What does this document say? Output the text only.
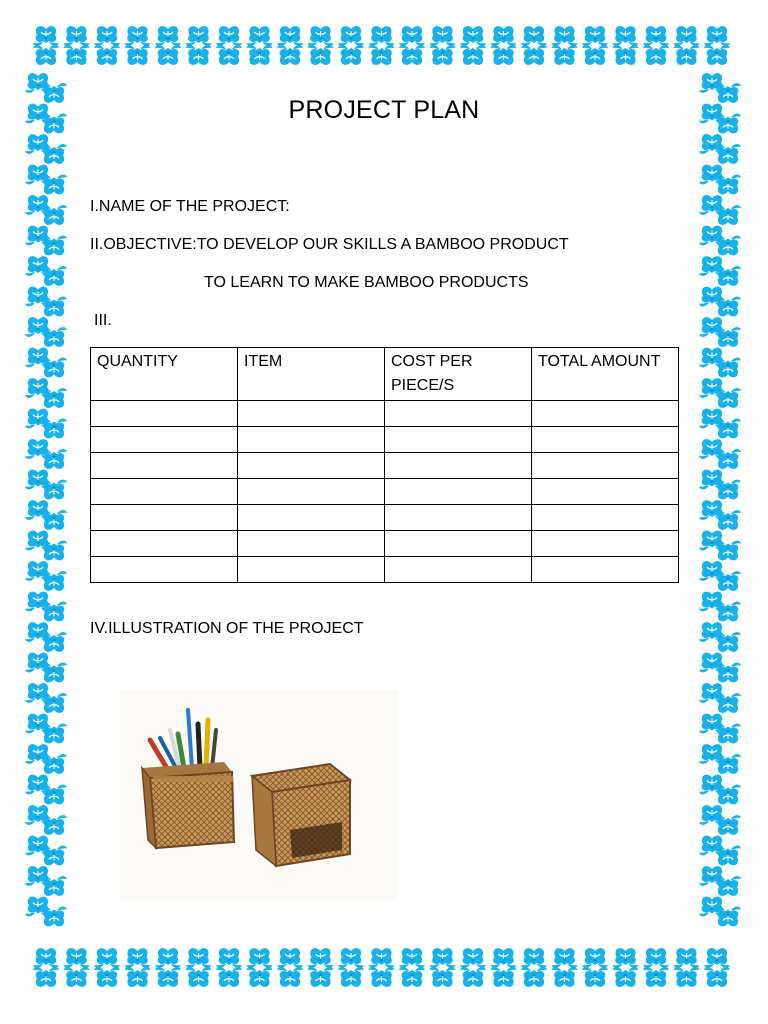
PROJECT PLAN
I.NAME OF THE PROJECT:
II.OBJECTIVE:TO DEVELOP OUR SKILLS A BAMBOO PRODUCT
TO LEARN TO MAKE BAMBOO PRODUCTS
III.
QUANTITY	ITEM	COST PER PIECE/S	TOTAL AMOUNT

IV.ILLUSTRATION OF THE PROJECT
